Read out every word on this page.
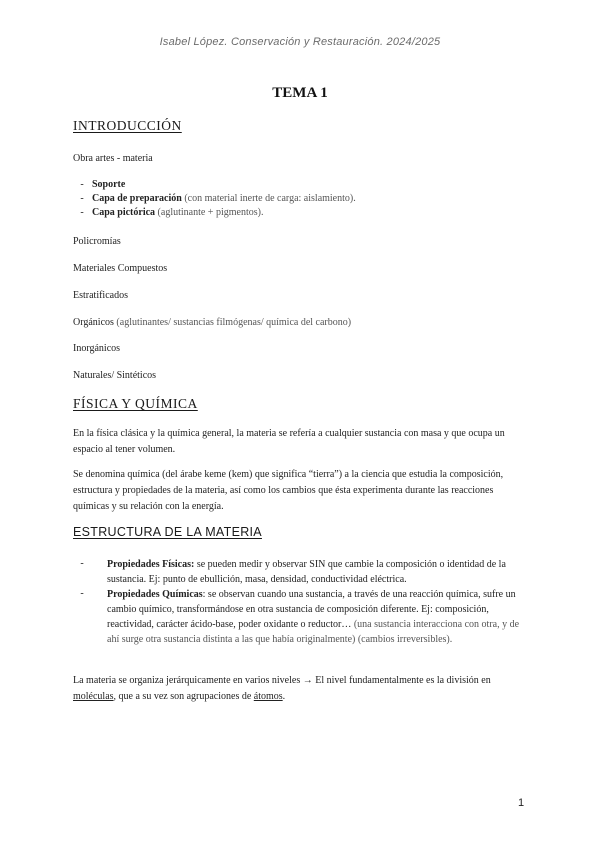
Isabel López. Conservación y Restauración. 2024/2025
TEMA 1
INTRODUCCIÓN
Obra artes - materia
- Soporte
- Capa de preparación (con material inerte de carga: aislamiento).
- Capa pictórica (aglutinante + pigmentos).
Policromías
Materiales Compuestos
Estratificados
Orgánicos (aglutinantes/ sustancias filmógenas/ química del carbono)
Inorgánicos
Naturales/ Sintéticos
FÍSICA Y QUÍMICA
En la física clásica y la química general, la materia se refería a cualquier sustancia con masa y que ocupa un espacio al tener volumen.
Se denomina química (del árabe keme (kem) que significa “tierra”) a la ciencia que estudia la composición, estructura y propiedades de la materia, así como los cambios que ésta experimenta durante las reacciones químicas y su relación con la energía.
ESTRUCTURA DE LA MATERIA
-	Propiedades Físicas: se pueden medir y observar SIN que cambie la composición o identidad de la sustancia. Ej: punto de ebullición, masa, densidad, conductividad eléctrica.
-	Propiedades Químicas: se observan cuando una sustancia, a través de una reacción química, sufre un cambio químico, transformándose en otra sustancia de composición diferente. Ej: composición, reactividad, carácter ácido-base, poder oxidante o reductor… (una sustancia interacciona con otra, y de ahí surge otra sustancia distinta a las que había originalmente) (cambios irreversibles).
La materia se organiza jerárquicamente en varios niveles → El nivel fundamentalmente es la división en moléculas, que a su vez son agrupaciones de átomos.
1
